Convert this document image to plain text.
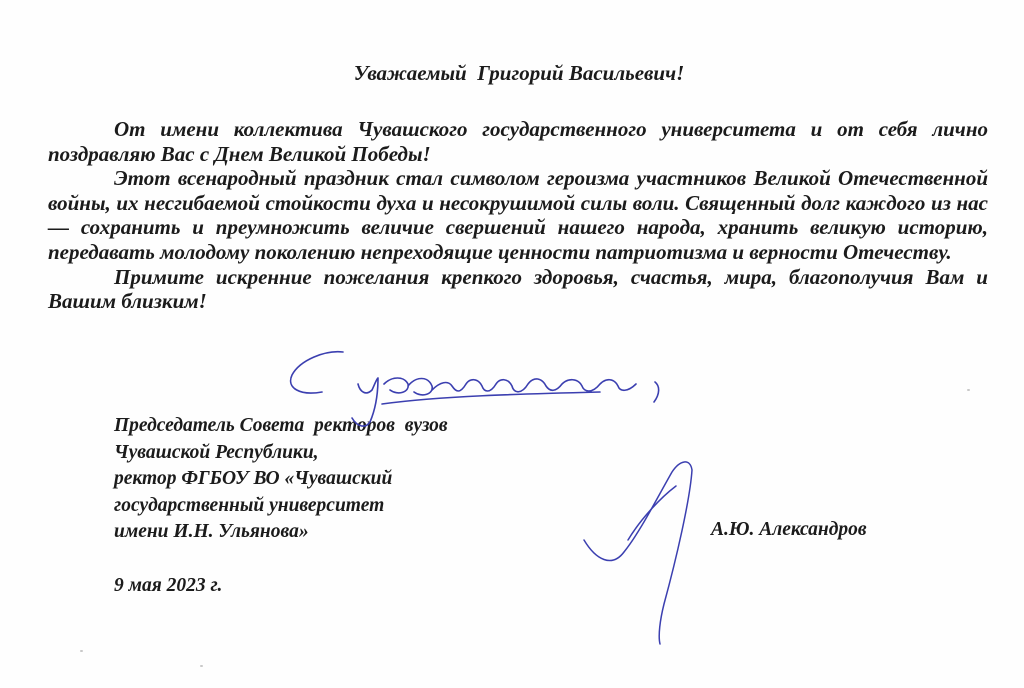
Уважаемый  Григорий Васильевич!

От имени коллектива Чувашского государственного университета и от себя лично поздравляю Вас с Днем Великой Победы!

Этот всенародный праздник стал символом героизма участников Великой Отечественной войны, их несгибаемой стойкости духа и несокрушимой силы воли. Священный долг каждого из нас — сохранить и преумножить величие свершений нашего народа, хранить великую историю, передавать молодому поколению непреходящие ценности патриотизма и верности Отечеству.

Примите искренние пожелания крепкого здоровья, счастья, мира, благополучия Вам и Вашим близким!

Председатель Совета  ректоров  вузов
Чувашской Республики,
ректор ФГБОУ ВО «Чувашский
государственный университет
имени И.Н. Ульянова»	А.Ю. Александров
9 мая 2023 г.
